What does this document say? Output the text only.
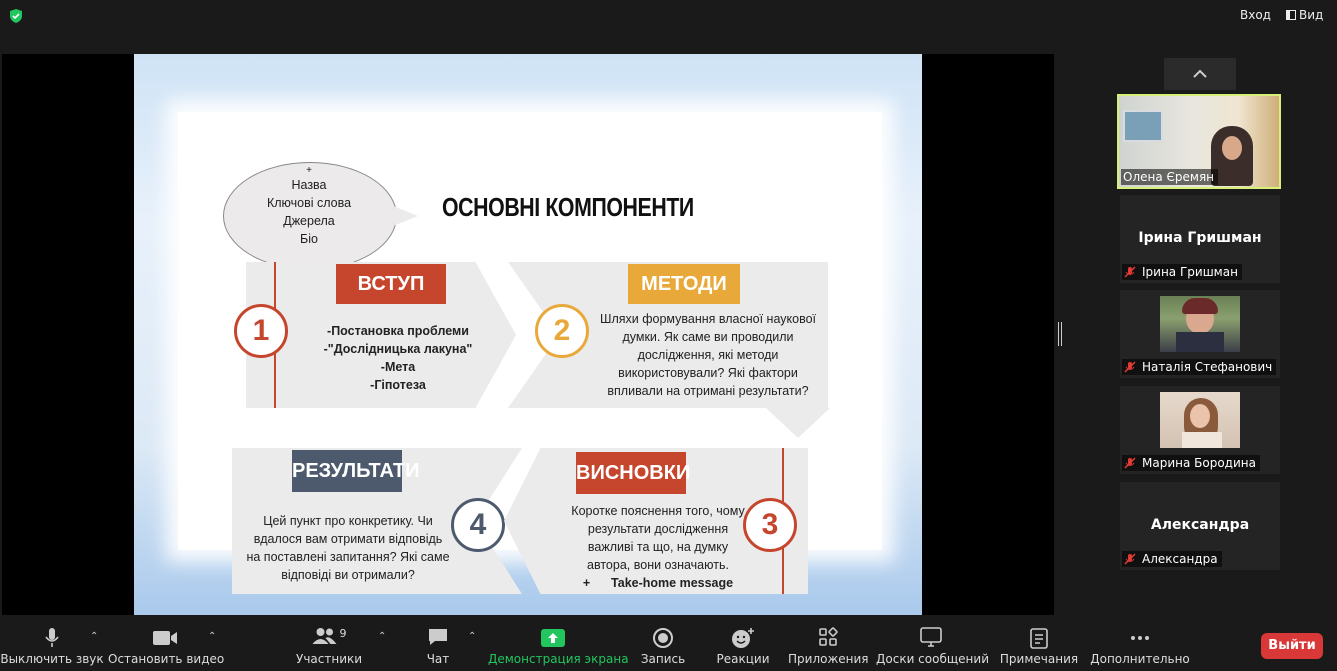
Вход	Вид
+
Назва
Ключові слова
Джерела
Біо
ОСНОВНІ КОМПОНЕНТИ
1
ВСТУП
-Постановка проблеми
-"Дослідницька лакуна"
-Мета
-Гіпотеза
2
МЕТОДИ
Шляхи формування власної наукової
думки. Як саме ви проводили
дослідження, які методи
використовували? Які фактори
впливали на отримані результати?
4
РЕЗУЛЬТАТИ
Цей пункт про конкретику. Чи
вдалося вам отримати відповідь
на поставлені запитання? Які саме
відповіді ви отримали?
3
ВИСНОВКИ
Коротке пояснення того, чому
результати дослідження
важливі та що, на думку
автора, вони означають.
+      Take-home message
Олена Єремян
Ірина Гришман
Ірина Гришман
Наталія Стефанович
Марина Бородина
Александра
Александра
Выключить звук
⌃
Остановить видео
⌃	9
Участники
⌃
Чат
⌃
Демонстрация экрана	Запись	Реакции Приложения Доски сообщений Примечания Дополнительно
Выйти
